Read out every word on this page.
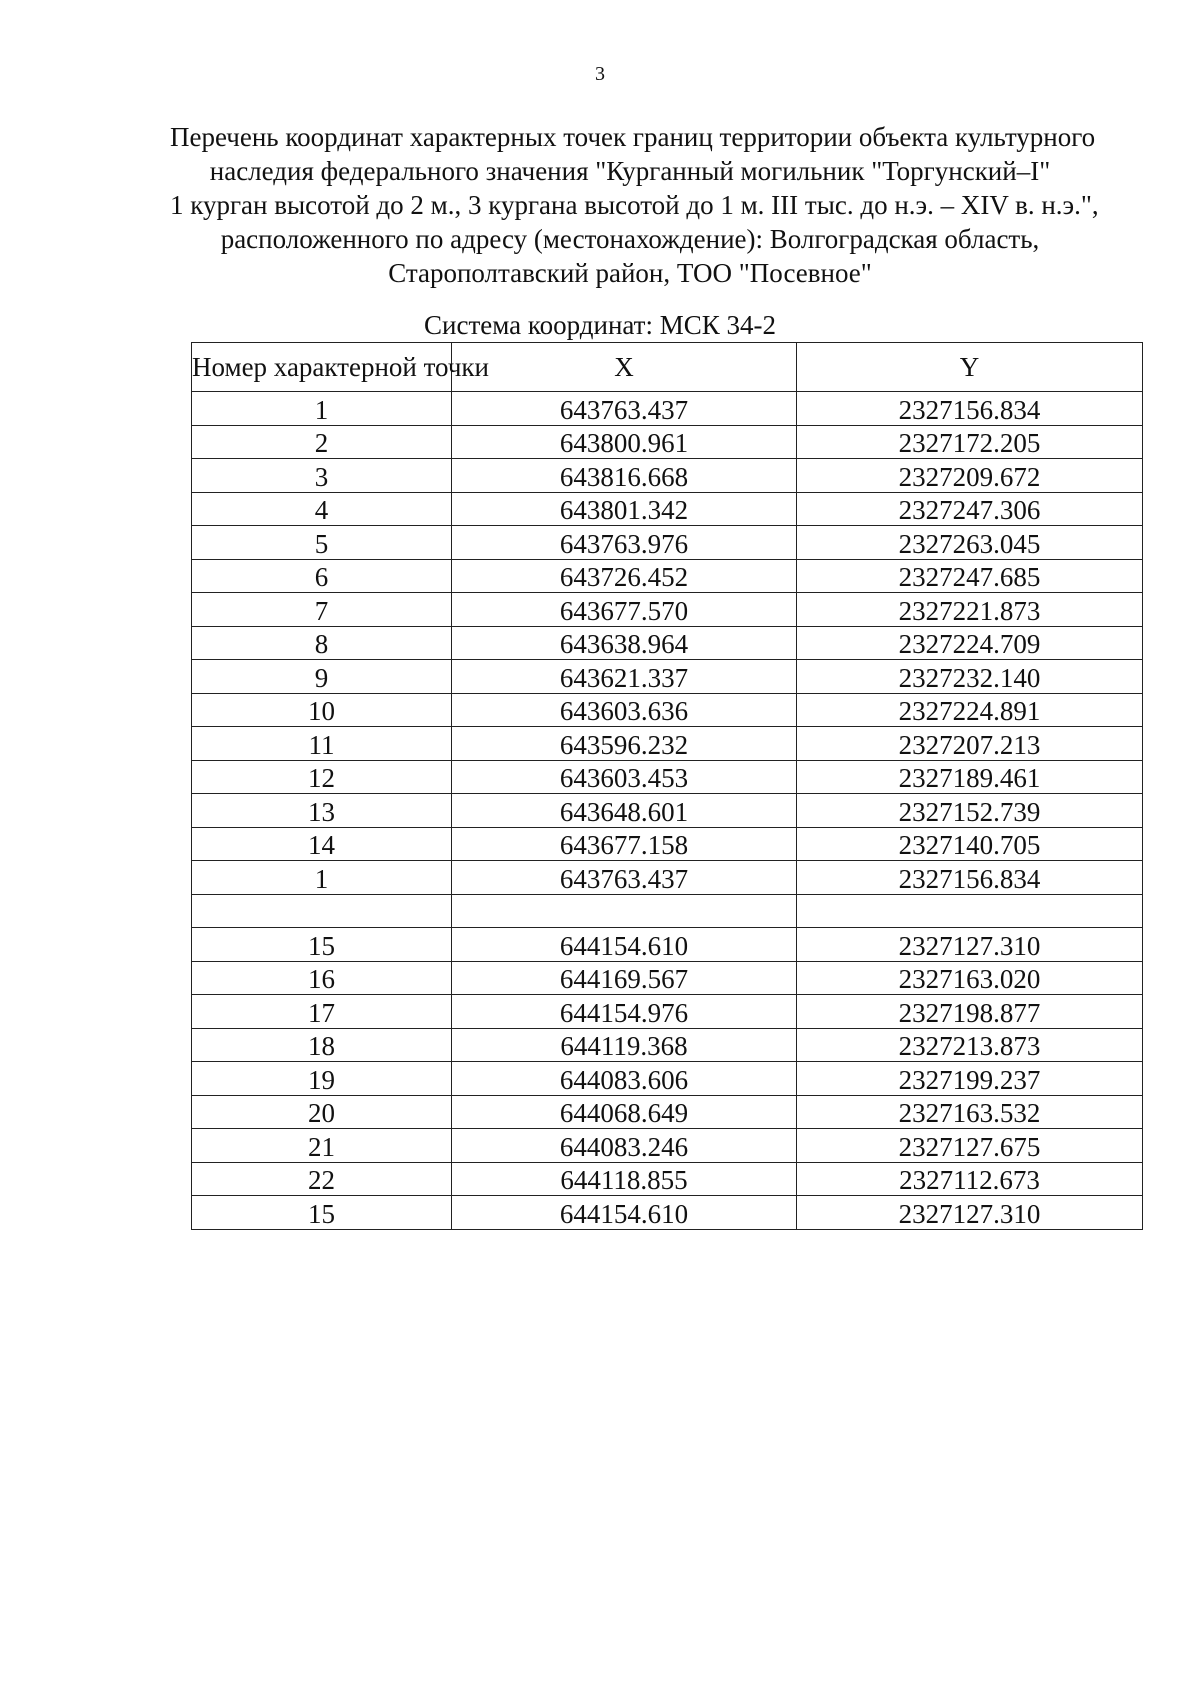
3
Перечень координат характерных точек границ территории объекта культурного
наследия федерального значения "Курганный могильник "Торгунский–I"
1 курган высотой до 2 м., 3 кургана высотой до 1 м. III тыс. до н.э. – XIV в. н.э.",
расположенного по адресу (местонахождение): Волгоградская область,
Старополтавский район, ТОО "Посевное"
Система координат: МСК 34-2
Номер характерной точки	X	Y
1	643763.437	2327156.834
2	643800.961	2327172.205
3	643816.668	2327209.672
4	643801.342	2327247.306
5	643763.976	2327263.045
6	643726.452	2327247.685
7	643677.570	2327221.873
8	643638.964	2327224.709
9	643621.337	2327232.140
10	643603.636	2327224.891
11	643596.232	2327207.213
12	643603.453	2327189.461
13	643648.601	2327152.739
14	643677.158	2327140.705
1	643763.437	2327156.834

15	644154.610	2327127.310
16	644169.567	2327163.020
17	644154.976	2327198.877
18	644119.368	2327213.873
19	644083.606	2327199.237
20	644068.649	2327163.532
21	644083.246	2327127.675
22	644118.855	2327112.673
15	644154.610	2327127.310
